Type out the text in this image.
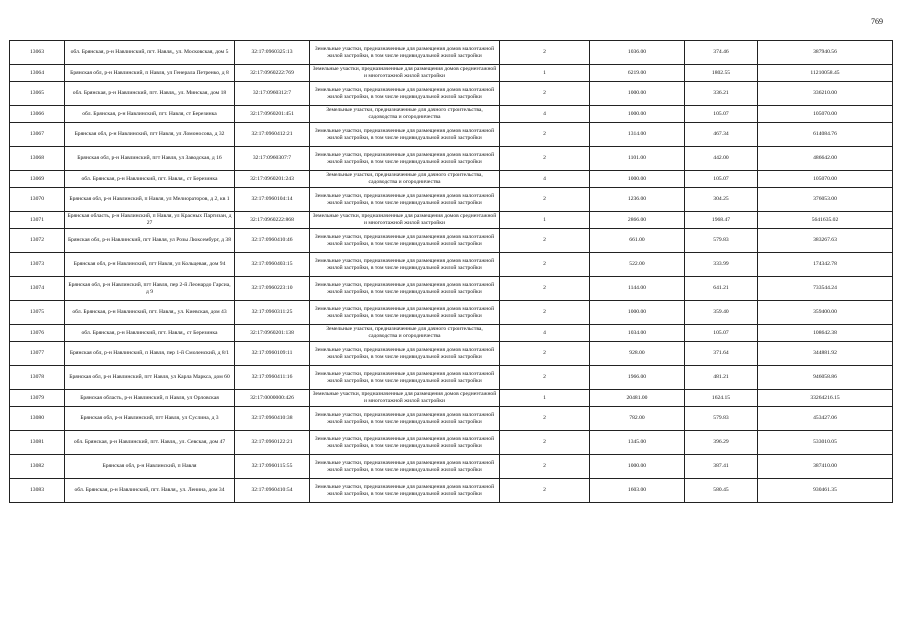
769
13063	обл. Брянская, р-н Навлинский, пгт. Навля,, ул. Московская, дом 5	32:17:0960325:13	Земельные участки, предназначенные для размещения домов малоэтажной жилой застройки, в том числе индивидуальной жилой застройки	2	1036.00	374.46	387940.56
13064	Брянская обл, р-н Навлинский, п Навля, ул Генерала Петренко, д 8	32:17:0960222:769	Земельные участки, предназначенные для размещения домов среднеэтажной и многоэтажной жилой застройки	1	6219.00	1802.55	11210058.45
13065	обл. Брянская, р-н Навлинский, пгт. Навля,, ул. Минская, дом 18	32:17:0960312:7	Земельные участки, предназначенные для размещения домов малоэтажной жилой застройки, в том числе индивидуальной жилой застройки	2	1000.00	336.21	336210.00
13066	обл. Брянская, р-н Навлинский, пгт. Навля, ст Березинка	32:17:0960201:451	Земельные участки, предназначенные для дачного строительства, садоводства и огородничества	4	1000.00	105.07	105070.00
13067	Брянская обл, р-н Навлинский, пгт Навля, ул Ломоносова, д 32	32:17:0960412:21	Земельные участки, предназначенные для размещения домов малоэтажной жилой застройки, в том числе индивидуальной жилой застройки	2	1314.00	467.34	614084.76
13068	Брянская обл, р-н Навлинский, пгт Навля, ул Заводская, д 16	32:17:0960307:7	Земельные участки, предназначенные для размещения домов малоэтажной жилой застройки, в том числе индивидуальной жилой застройки	2	1101.00	442.00	486642.00
13069	обл. Брянская, р-н Навлинский, пгт. Навля,, ст Березинка	32:17:0960201:243	Земельные участки, предназначенные для дачного строительства, садоводства и огородничества	4	1000.00	105.07	105070.00
13070	Брянская обл, р-н Навлинский, п Навля, ул Мелиораторов, д 2, кв 1	32:17:0960104:14	Земельные участки, предназначенные для размещения домов малоэтажной жилой застройки, в том числе индивидуальной жилой застройки	2	1236.00	304.25	376053.00
13071	Брянская область, р-н Навлинский, п Навля, ул Красных Партизан, д 27	32:17:0960222:868	Земельные участки, предназначенные для размещения домов среднеэтажной и многоэтажной жилой застройки	1	2866.00	1968.47	5641635.02
13072	Брянская обл, р-н Навлинский, пгт Навля, ул Розы Люксембург, д 38	32:17:0960410:46	Земельные участки, предназначенные для размещения домов малоэтажной жилой застройки, в том числе индивидуальной жилой застройки	2	661.00	579.83	383267.63
13073	Брянская обл, р-н Навлинский, пгт Навля, ул Кольцевая, дом 94	32:17:0960403:15	Земельные участки, предназначенные для размещения домов малоэтажной жилой застройки, в том числе индивидуальной жилой застройки	2	522.00	333.99	174342.78
13074	Брянская обл, р-н Навлинский, пгт Навля, пер 2-й Леонардо Гарсиа, д 9	32:17:0960223:10	Земельные участки, предназначенные для размещения домов малоэтажной жилой застройки, в том числе индивидуальной жилой застройки	2	1144.00	641.21	733544.24
13075	обл. Брянская, р-н Навлинский, пгт. Навля,, ул. Киевская, дом 43	32:17:0960311:25	Земельные участки, предназначенные для размещения домов малоэтажной жилой застройки, в том числе индивидуальной жилой застройки	2	1000.00	359.40	359400.00
13076	обл. Брянская, р-н Навлинский, пгт. Навля,, ст Березинка	32:17:0960201:138	Земельные участки, предназначенные для дачного строительства, садоводства и огородничества	4	1034.00	105.07	108642.38
13077	Брянская обл, р-н Навлинский, п Навля, пер 1-й Смоленский, д 8/1	32:17:0960109:11	Земельные участки, предназначенные для размещения домов малоэтажной жилой застройки, в том числе индивидуальной жилой застройки	2	928.00	371.64	344881.92
13078	Брянская обл, р-н Навлинский, пгт Навля, ул Карла Маркса, дом 60	32:17:0960411:16	Земельные участки, предназначенные для размещения домов малоэтажной жилой застройки, в том числе индивидуальной жилой застройки	2	1966.00	481.21	946058.86
13079	Брянская область, р-н Навлинский, п Навля, ул Орловская	32:17:0000000:426	Земельные участки, предназначенные для размещения домов среднеэтажной и многоэтажной жилой застройки	1	20481.00	1624.15	33264216.15
13080	Брянская обл, р-н Навлинский, пгт Навля, ул Суслина, д 3	32:17:0960410:38	Земельные участки, предназначенные для размещения домов малоэтажной жилой застройки, в том числе индивидуальной жилой застройки	2	782.00	579.83	453427.06
13081	обл. Брянская, р-н Навлинский, пгт. Навля,, ул. Севская, дом 47	32:17:0960122:21	Земельные участки, предназначенные для размещения домов малоэтажной жилой застройки, в том числе индивидуальной жилой застройки	2	1345.00	396.29	533010.05
13082	Брянская обл, р-н Навлинский, п Навля	32:17:0960115:55	Земельные участки, предназначенные для размещения домов малоэтажной жилой застройки, в том числе индивидуальной жилой застройки	2	1000.00	387.41	387410.00
13083	обл. Брянская, р-н Навлинский, пгт. Навля,, ул. Ленина, дом 34	32:17:0960410:54	Земельные участки, предназначенные для размещения домов малоэтажной жилой застройки, в том числе индивидуальной жилой застройки	2	1603.00	580.45	930461.35
